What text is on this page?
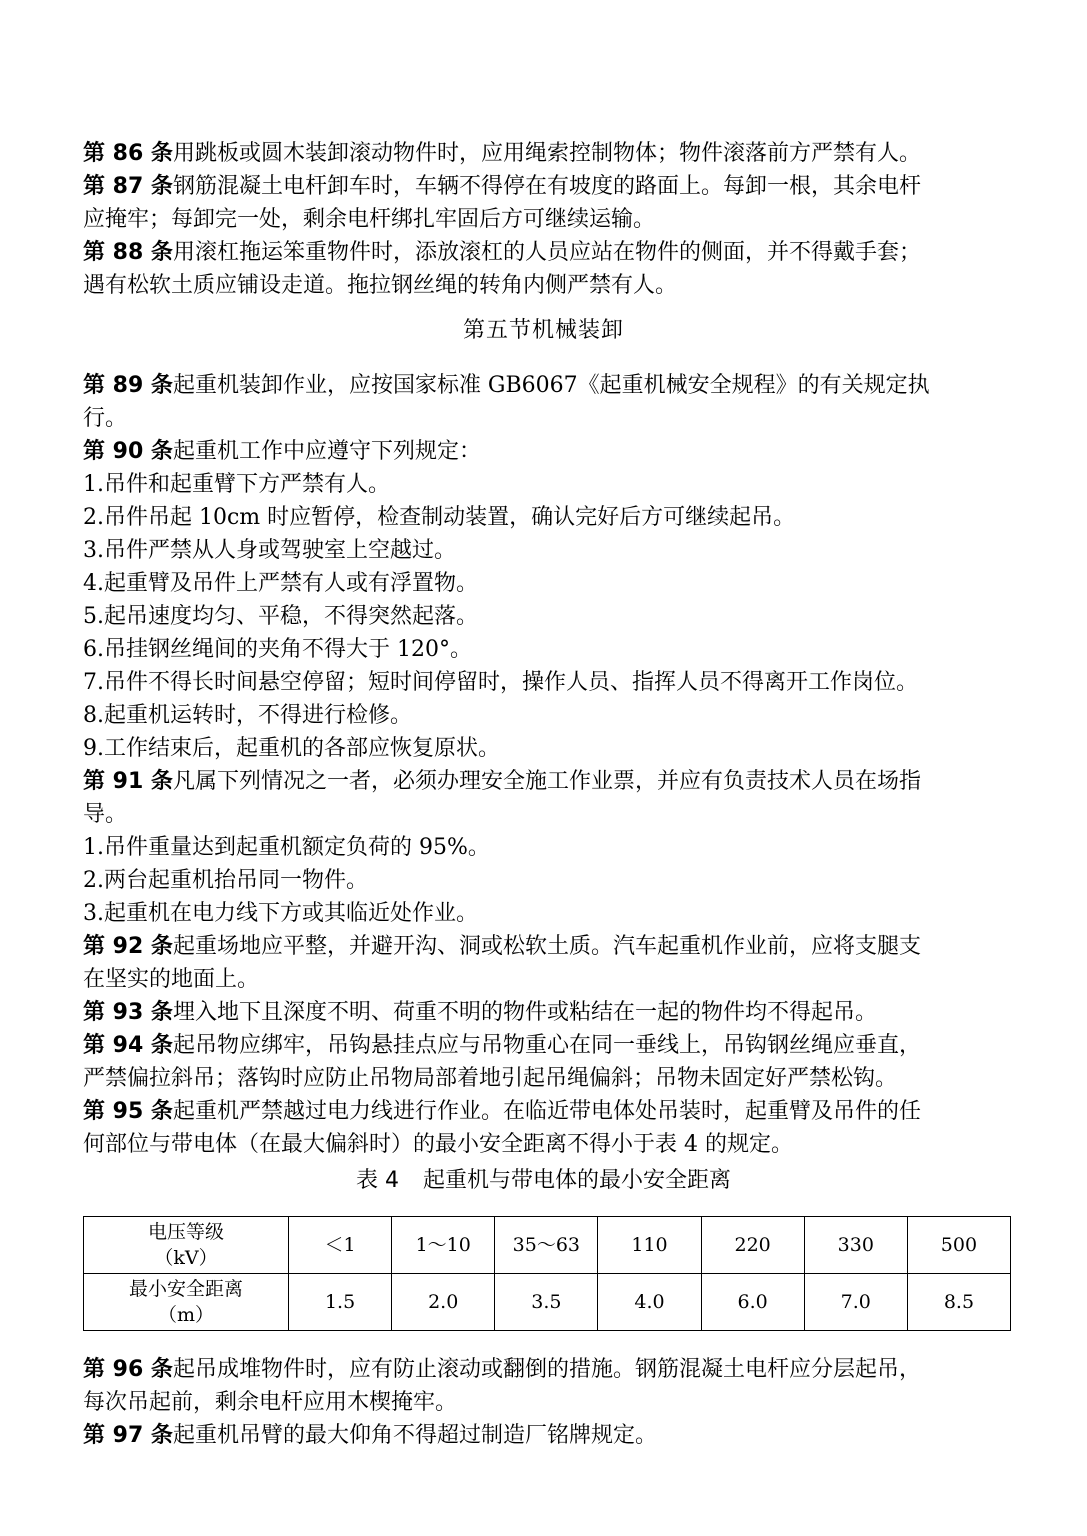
第 86 条用跳板或圆木装卸滚动物件时，应用绳索控制物体；物件滚落前方严禁有人。
第 87 条钢筋混凝土电杆卸车时，车辆不得停在有坡度的路面上。每卸一根，其余电杆
应掩牢；每卸完一处，剩余电杆绑扎牢固后方可继续运输。
第 88 条用滚杠拖运笨重物件时，添放滚杠的人员应站在物件的侧面，并不得戴手套；
遇有松软土质应铺设走道。拖拉钢丝绳的转角内侧严禁有人。
第五节机械装卸
第 89 条起重机装卸作业，应按国家标准 GB6067《起重机械安全规程》的有关规定执
行。
第 90 条起重机工作中应遵守下列规定：
1.吊件和起重臂下方严禁有人。
2.吊件吊起 10cm 时应暂停，检查制动装置，确认完好后方可继续起吊。
3.吊件严禁从人身或驾驶室上空越过。
4.起重臂及吊件上严禁有人或有浮置物。
5.起吊速度均匀、平稳，不得突然起落。
6.吊挂钢丝绳间的夹角不得大于 120°。
7.吊件不得长时间悬空停留；短时间停留时，操作人员、指挥人员不得离开工作岗位。
8.起重机运转时，不得进行检修。
9.工作结束后，起重机的各部应恢复原状。
第 91 条凡属下列情况之一者，必须办理安全施工作业票，并应有负责技术人员在场指
导。
1.吊件重量达到起重机额定负荷的 95%。
2.两台起重机抬吊同一物件。
3.起重机在电力线下方或其临近处作业。
第 92 条起重场地应平整，并避开沟、洞或松软土质。汽车起重机作业前，应将支腿支
在坚实的地面上。
第 93 条埋入地下且深度不明、荷重不明的物件或粘结在一起的物件均不得起吊。
第 94 条起吊物应绑牢，吊钩悬挂点应与吊物重心在同一垂线上，吊钩钢丝绳应垂直，
严禁偏拉斜吊；落钩时应防止吊物局部着地引起吊绳偏斜；吊物未固定好严禁松钩。
第 95 条起重机严禁越过电力线进行作业。在临近带电体处吊装时，起重臂及吊件的任
何部位与带电体（在最大偏斜时）的最小安全距离不得小于表 4 的规定。
表 4 起重机与带电体的最小安全距离
电压等级
（kV）	＜1	1～10	35～63	110	220	330	500

最小安全距离
（m）	1.5	2.0	3.5	4.0	6.0	7.0	8.5
第 96 条起吊成堆物件时，应有防止滚动或翻倒的措施。钢筋混凝土电杆应分层起吊，
每次吊起前，剩余电杆应用木楔掩牢。
第 97 条起重机吊臂的最大仰角不得超过制造厂铭牌规定。
